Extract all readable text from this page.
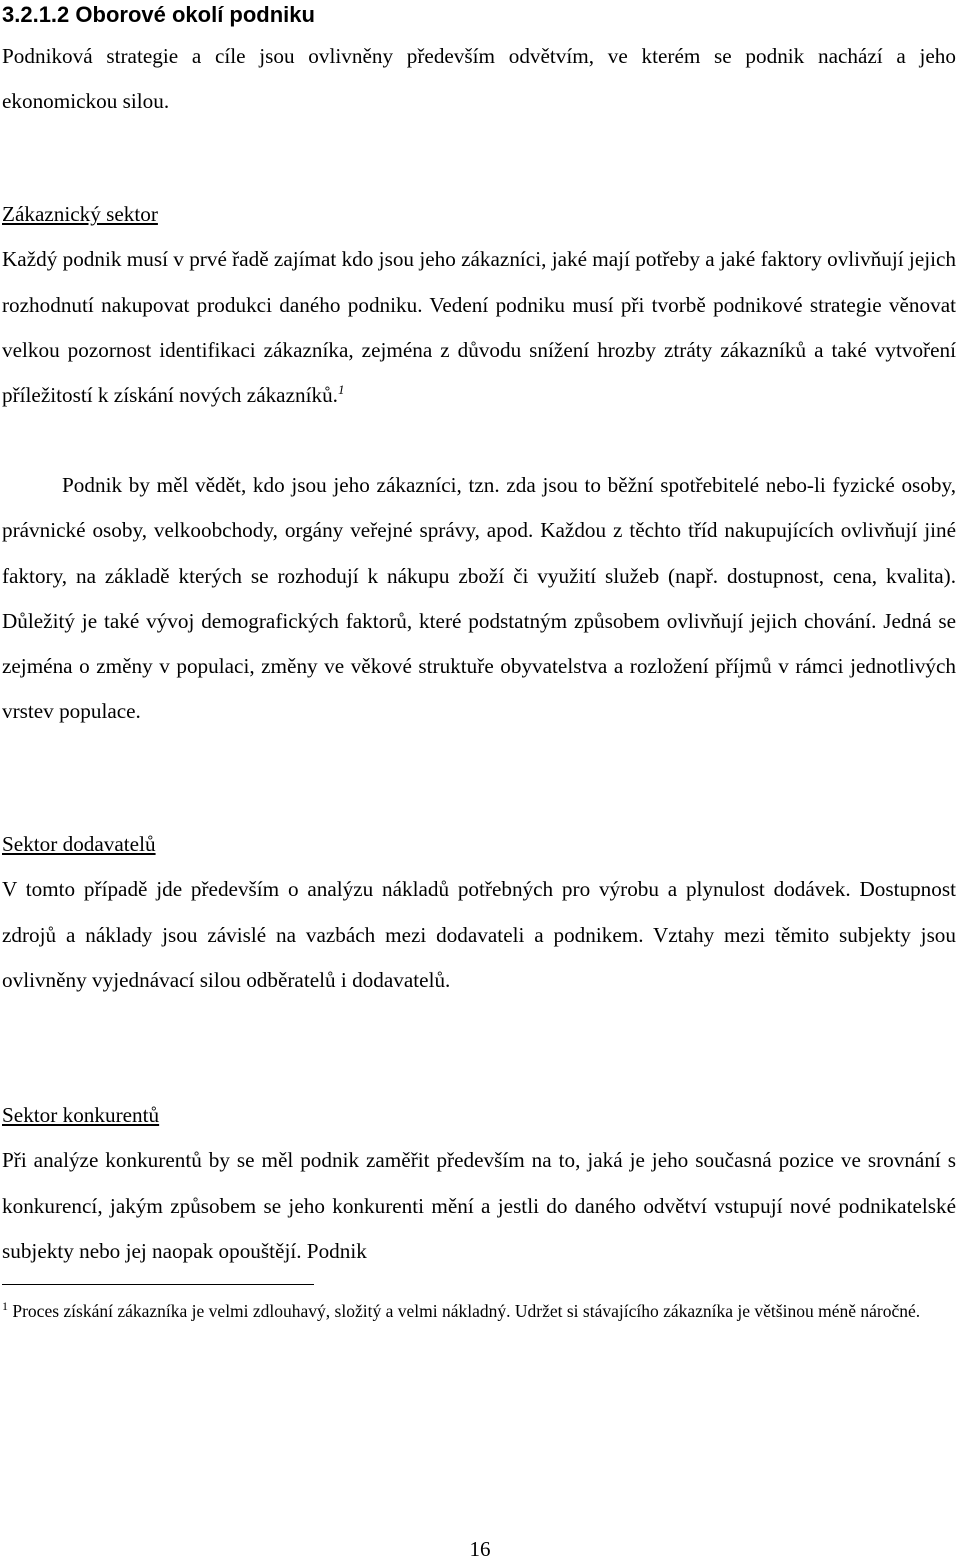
3.2.1.2 Oborové okolí podniku

Podniková strategie a cíle jsou ovlivněny především odvětvím, ve kterém se podnik nachází a jeho ekonomickou silou.

Zákaznický sektor
Každý podnik musí v prvé řadě zajímat kdo jsou jeho zákazníci, jaké mají potřeby a jaké faktory ovlivňují jejich rozhodnutí nakupovat produkci daného podniku. Vedení podniku musí při tvorbě podnikové strategie věnovat velkou pozornost identifikaci zákazníka, zejména z důvodu snížení hrozby ztráty zákazníků a také vytvoření příležitostí k získání nových zákazníků.$^1$

Podnik by měl vědět, kdo jsou jeho zákazníci, tzn. zda jsou to běžní spotřebitelé nebo-li fyzické osoby, právnické osoby, velkoobchody, orgány veřejné správy, apod. Každou z těchto tříd nakupujících ovlivňují jiné faktory, na základě kterých se rozhodují k nákupu zboží či využití služeb (např. dostupnost, cena, kvalita). Důležitý je také vývoj demografických faktorů, které podstatným způsobem ovlivňují jejich chování. Jedná se zejména o změny v populaci, změny ve věkové struktuře obyvatelstva a rozložení příjmů v rámci jednotlivých vrstev populace.

Sektor dodavatelů
V tomto případě jde především o analýzu nákladů potřebných pro výrobu a plynulost dodávek. Dostupnost zdrojů a náklady jsou závislé na vazbách mezi dodavateli a podnikem. Vztahy mezi těmito subjekty jsou ovlivněny vyjednávací silou odběratelů i dodavatelů.
Sektor konkurentů
Při analýze konkurentů by se měl podnik zaměřit především na to, jaká je jeho současná pozice ve srovnání s konkurencí, jakým způsobem se jeho konkurenti mění a jestli do daného odvětví vstupují nové podnikatelské subjekty nebo jej naopak opouštějí. Podnik

$^1$ Proces získání zákazníka je velmi zdlouhavý, složitý a velmi nákladný. Udržet si stávajícího zákazníka je většinou méně náročné.

16
